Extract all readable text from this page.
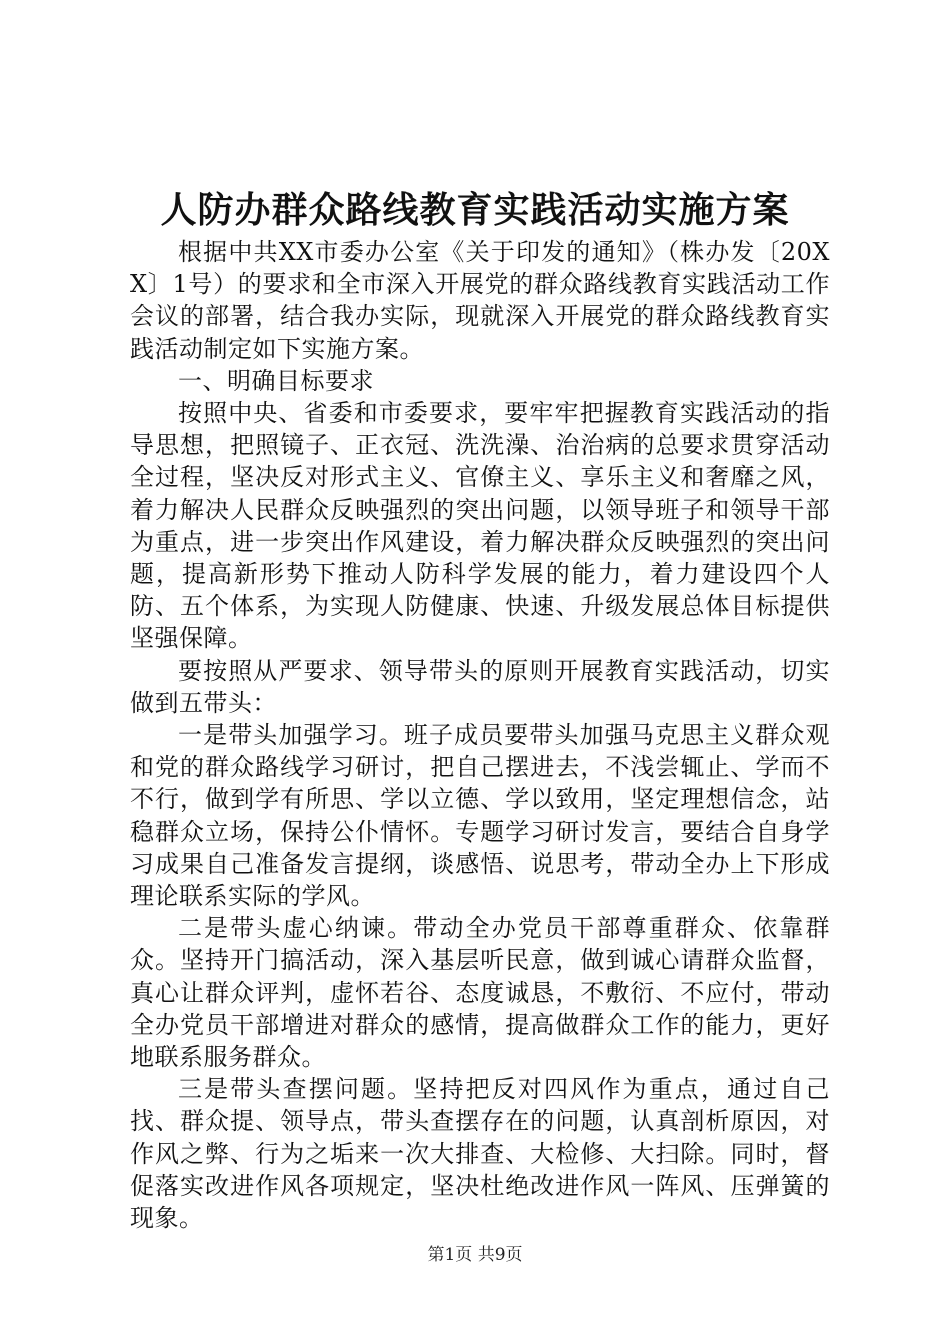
人防办群众路线教育实践活动实施方案

根据中共XX市委办公室《关于印发的通知》（株办发〔20XX〕1号）的要求和全市深入开展党的群众路线教育实践活动工作会议的部署，结合我办实际，现就深入开展党的群众路线教育实践活动制定如下实施方案。

一、明确目标要求

按照中央、省委和市委要求，要牢牢把握教育实践活动的指导思想，把照镜子、正衣冠、洗洗澡、治治病的总要求贯穿活动全过程，坚决反对形式主义、官僚主义、享乐主义和奢靡之风，着力解决人民群众反映强烈的突出问题，以领导班子和领导干部为重点，进一步突出作风建设，着力解决群众反映强烈的突出问题，提高新形势下推动人防科学发展的能力，着力建设四个人防、五个体系，为实现人防健康、快速、升级发展总体目标提供坚强保障。

要按照从严要求、领导带头的原则开展教育实践活动，切实做到五带头：

一是带头加强学习。班子成员要带头加强马克思主义群众观和党的群众路线学习研讨，把自己摆进去，不浅尝辄止、学而不不行，做到学有所思、学以立德、学以致用，坚定理想信念，站稳群众立场，保持公仆情怀。专题学习研讨发言，要结合自身学习成果自己准备发言提纲，谈感悟、说思考，带动全办上下形成理论联系实际的学风。

二是带头虚心纳谏。带动全办党员干部尊重群众、依靠群众。坚持开门搞活动，深入基层听民意，做到诚心请群众监督，真心让群众评判，虚怀若谷、态度诚恳，不敷衍、不应付，带动全办党员干部增进对群众的感情，提高做群众工作的能力，更好地联系服务群众。

三是带头查摆问题。坚持把反对四风作为重点，通过自己找、群众提、领导点，带头查摆存在的问题，认真剖析原因，对作风之弊、行为之垢来一次大排查、大检修、大扫除。同时，督促落实改进作风各项规定，坚决杜绝改进作风一阵风、压弹簧的现象。

第1页 共9页
